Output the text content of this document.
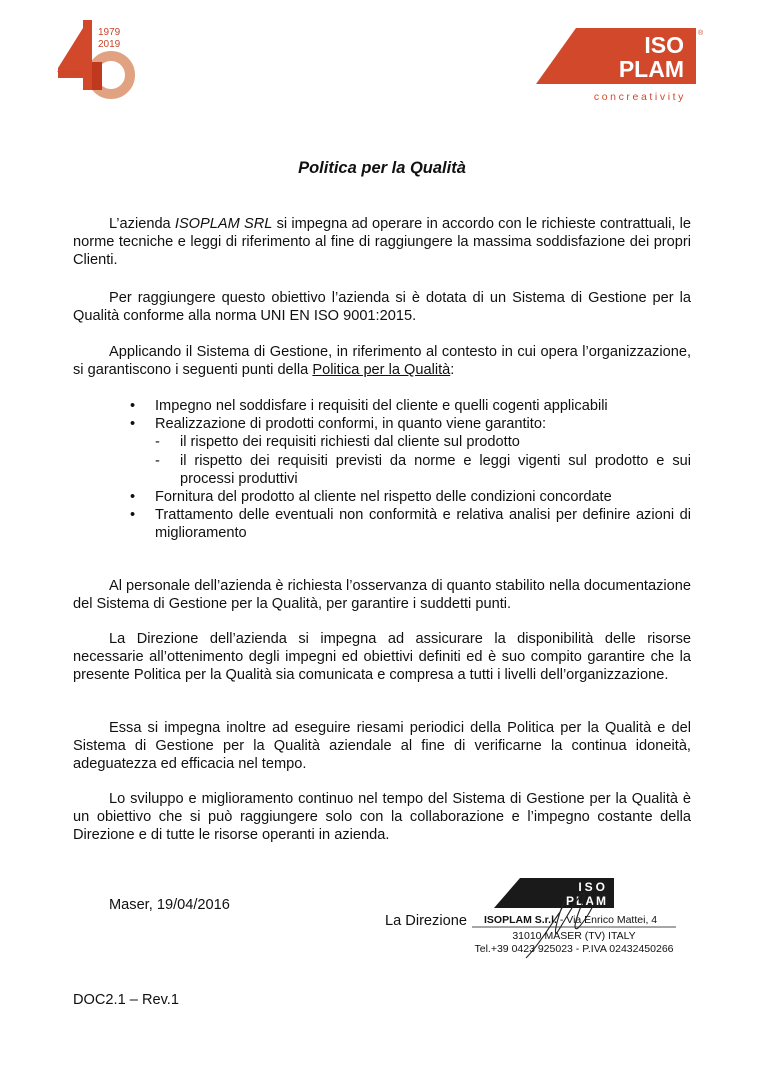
1979
2019
YEARS
ISO
PLAM
®
concreativity
Politica per la Qualità
L’azienda ISOPLAM SRL si impegna ad operare in accordo con le richieste contrattuali, le norme tecniche e leggi di riferimento al fine di raggiungere la massima soddisfazione dei propri Clienti.
Per raggiungere questo obiettivo l’azienda si è dotata di un Sistema di Gestione per la Qualità conforme alla norma UNI EN ISO 9001:2015.
Applicando il Sistema di Gestione, in riferimento al contesto in cui opera l’organizzazione, si garantiscono i seguenti punti della Politica per la Qualità:
• Impegno nel soddisfare i requisiti del cliente e quelli cogenti applicabili
• Realizzazione di prodotti conformi, in quanto viene garantito:
- il rispetto dei requisiti richiesti dal cliente sul prodotto
- il rispetto dei requisiti previsti da norme e leggi vigenti sul prodotto e sui processi produttivi
• Fornitura del prodotto al cliente nel rispetto delle condizioni concordate
• Trattamento delle eventuali non conformità e relativa analisi per definire azioni di miglioramento
Al personale dell’azienda è richiesta l’osservanza di quanto stabilito nella documentazione del Sistema di Gestione per la Qualità, per garantire i suddetti punti.
La Direzione dell’azienda si impegna ad assicurare la disponibilità delle risorse necessarie all’ottenimento degli impegni ed obiettivi definiti ed è suo compito garantire che la presente Politica per la Qualità sia comunicata e compresa a tutti i livelli dell’organizzazione.
Essa si impegna inoltre ad eseguire riesami periodici della Politica per la Qualità e del Sistema di Gestione per la Qualità aziendale al fine di verificarne la continua idoneità, adeguatezza ed efficacia nel tempo.
Lo sviluppo e miglioramento continuo nel tempo del Sistema di Gestione per la Qualità è un obiettivo che si può raggiungere solo con la collaborazione e l’impegno costante della Direzione e di tutte le risorse operanti in azienda.
Maser, 19/04/2016
La Direzione
ISO
PLAM
ISOPLAM S.r.l. - Via Enrico Mattei, 4
31010 MASER (TV) ITALY
Tel.+39 0423 925023 - P.IVA 02432450266
DOC2.1 – Rev.1
